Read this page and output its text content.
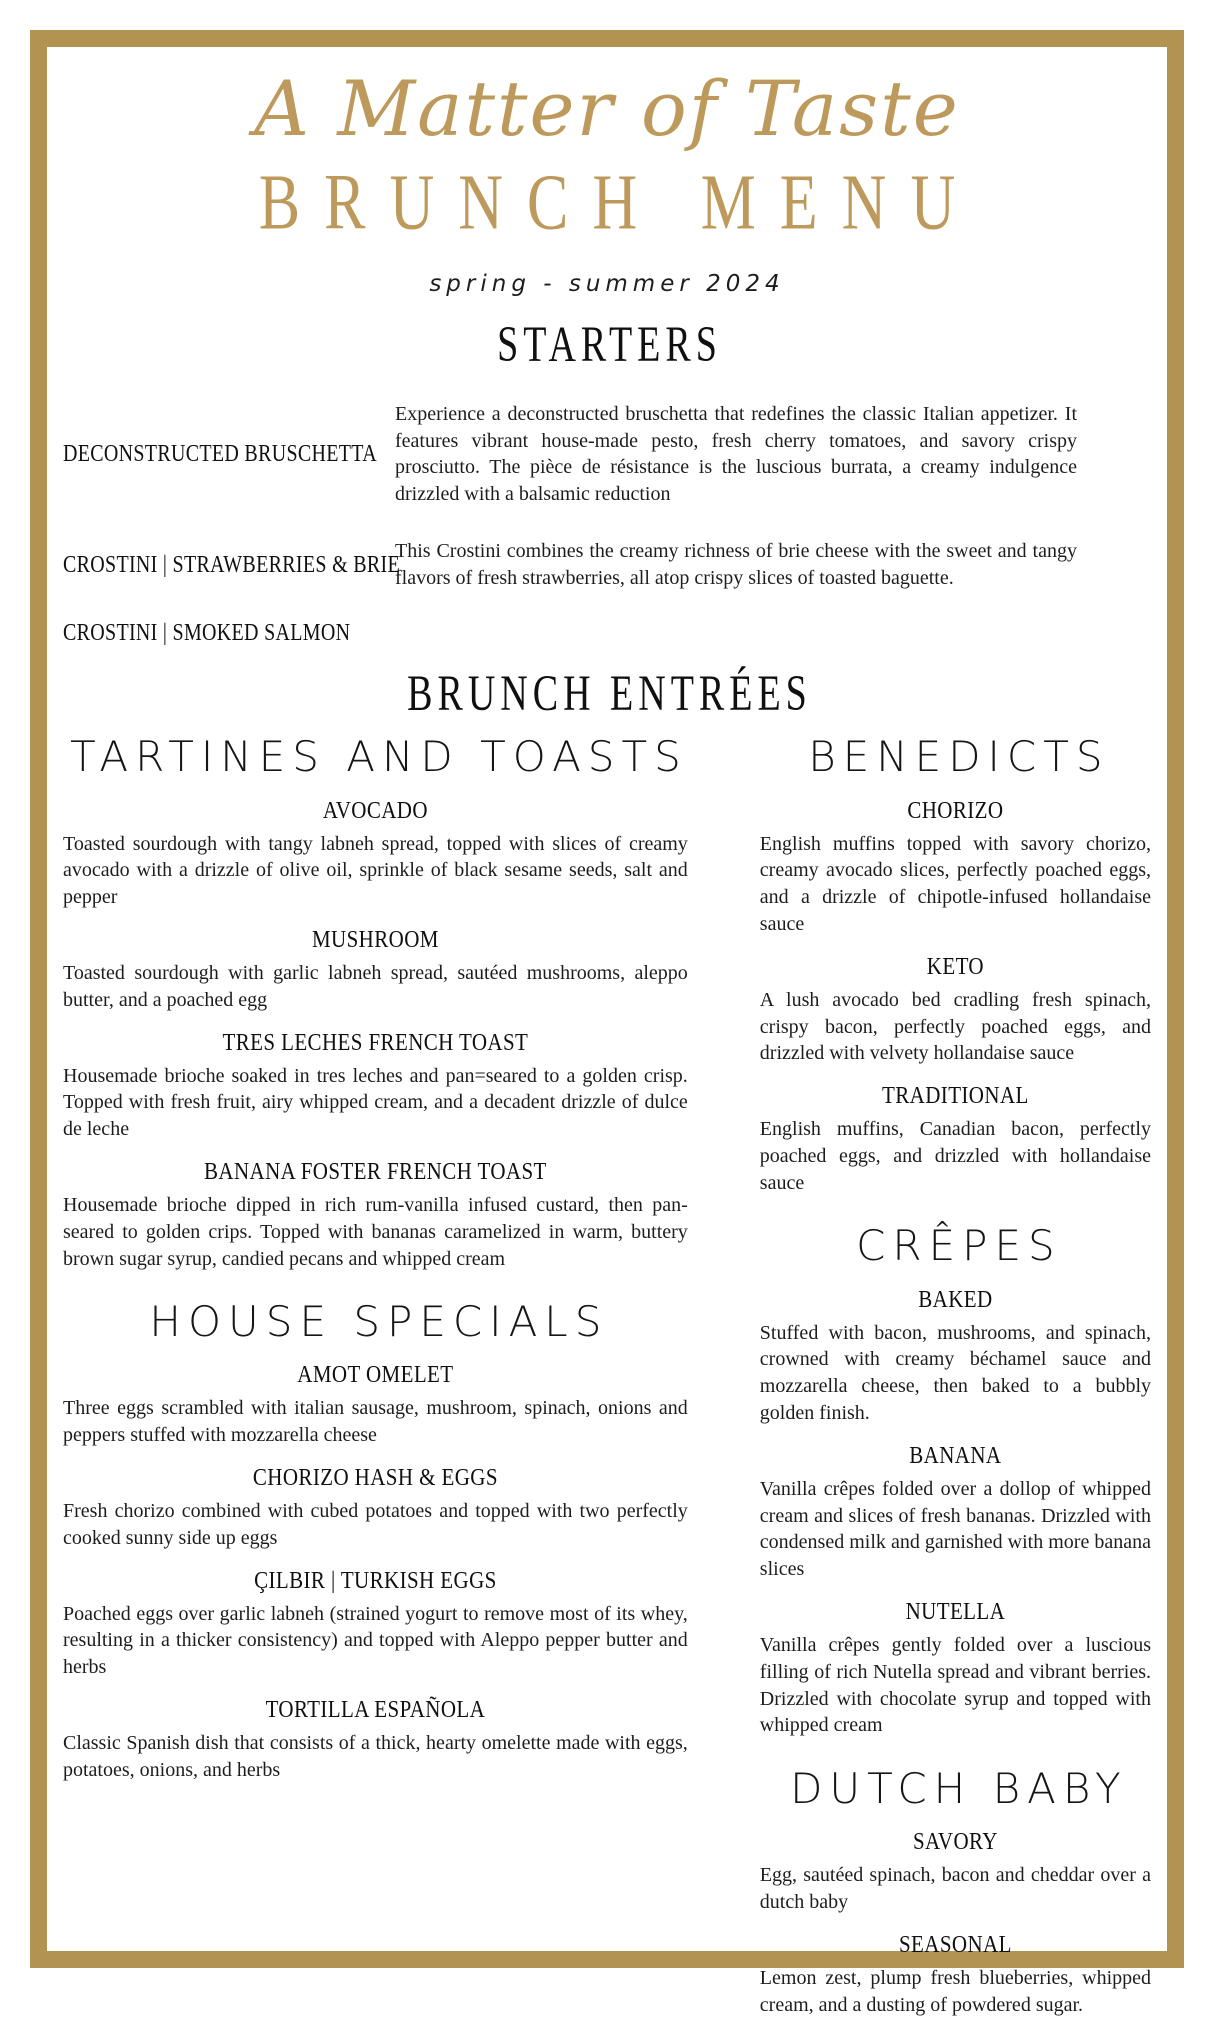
A Matter of Taste
BRUNCH MENU
spring - summer 2024
STARTERS
DECONSTRUCTED BRUSCHETTA

Experience a deconstructed bruschetta that redefines the classic Italian appetizer. It features vibrant house-made pesto, fresh cherry tomatoes, and savory crispy prosciutto. The pièce de résistance is the luscious burrata, a creamy indulgence drizzled with a balsamic reduction

CROSTINI | STRAWBERRIES & BRIE

This Crostini combines the creamy richness of brie cheese with the sweet and tangy flavors of fresh strawberries, all atop crispy slices of toasted baguette.

CROSTINI | SMOKED SALMON

BRUNCH ENTRÉES
TARTINES AND TOASTS
AVOCADO

Toasted sourdough with tangy labneh spread, topped with slices of creamy avocado with a drizzle of olive oil, sprinkle of black sesame seeds, salt and pepper

MUSHROOM

Toasted sourdough with garlic labneh spread, sautéed mushrooms, aleppo butter, and a poached egg

TRES LECHES FRENCH TOAST

Housemade brioche soaked in tres leches and pan=seared to a golden crisp. Topped with fresh fruit, airy whipped cream, and a decadent drizzle of dulce de leche

BANANA FOSTER FRENCH TOAST

Housemade brioche dipped in rich rum-vanilla infused custard, then pan-seared to golden crips. Topped with bananas caramelized in warm, buttery brown sugar syrup, candied pecans and whipped cream

HOUSE SPECIALS
AMOT OMELET

Three eggs scrambled with italian sausage, mushroom, spinach, onions and peppers stuffed with mozzarella cheese

CHORIZO HASH & EGGS

Fresh chorizo combined with cubed potatoes and topped with two perfectly cooked sunny side up eggs

ÇILBIR | TURKISH EGGS

Poached eggs over garlic labneh (strained yogurt to remove most of its whey, resulting in a thicker consistency) and topped with Aleppo pepper butter and herbs

TORTILLA ESPAÑOLA

Classic Spanish dish that consists of a thick, hearty omelette made with eggs, potatoes, onions, and herbs

BENEDICTS
CHORIZO

English muffins topped with savory chorizo, creamy avocado slices, perfectly poached eggs, and a drizzle of chipotle-infused hollandaise sauce

KETO

A lush avocado bed cradling fresh spinach, crispy bacon, perfectly poached eggs, and drizzled with velvety hollandaise sauce

TRADITIONAL

English muffins, Canadian bacon, perfectly poached eggs, and drizzled with hollandaise sauce

CRÊPES
BAKED

Stuffed with bacon, mushrooms, and spinach, crowned with creamy béchamel sauce and mozzarella cheese, then baked to a bubbly golden finish.

BANANA

Vanilla crêpes folded over a dollop of whipped cream and slices of fresh bananas. Drizzled with condensed milk and garnished with more banana slices

NUTELLA

Vanilla crêpes gently folded over a luscious filling of rich Nutella spread and vibrant berries. Drizzled with chocolate syrup and topped with whipped cream

DUTCH BABY
SAVORY

Egg, sautéed spinach, bacon and cheddar over a dutch baby

SEASONAL

Lemon zest, plump fresh blueberries, whipped cream, and a dusting of powdered sugar.
